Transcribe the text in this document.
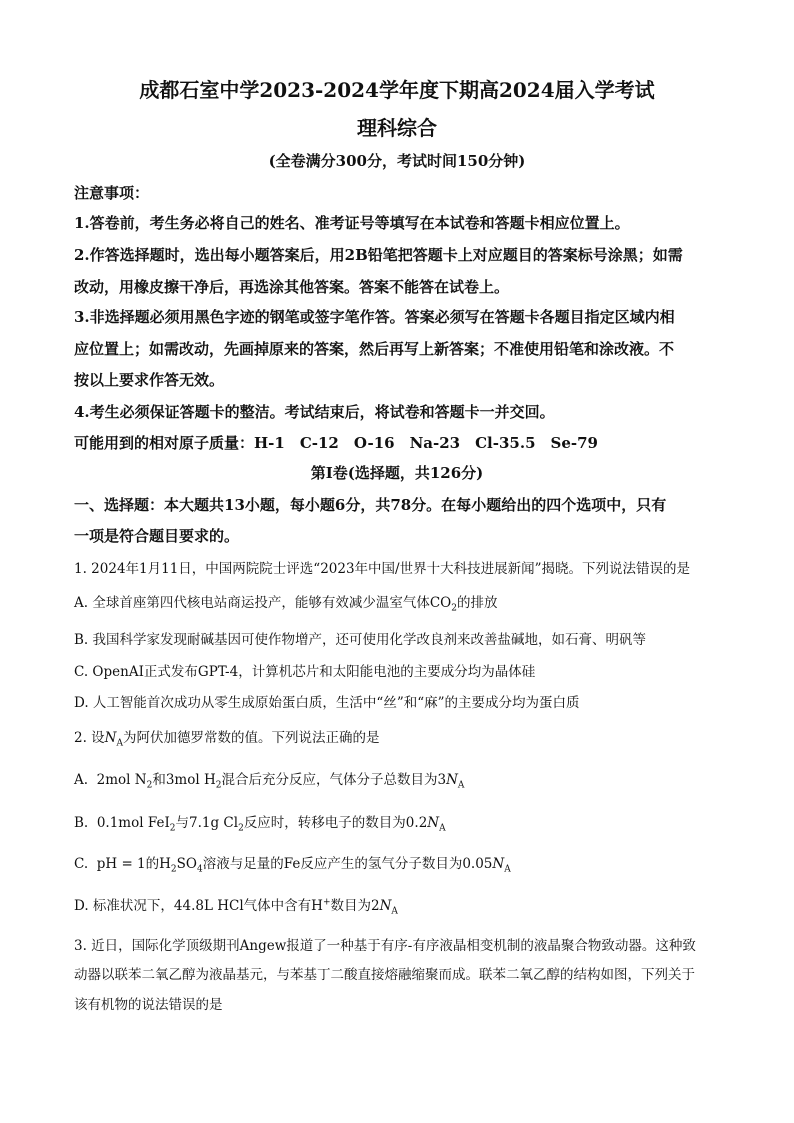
成都石室中学2023-2024学年度下期高2024届入学考试
理科综合
(全卷满分300分，考试时间150分钟)
注意事项：
1.答卷前，考生务必将自己的姓名、准考证号等填写在本试卷和答题卡相应位置上。
2.作答选择题时，选出每小题答案后，用2B铅笔把答题卡上对应题目的答案标号涂黑；如需
改动，用橡皮擦干净后，再选涂其他答案。答案不能答在试卷上。
3.非选择题必须用黑色字迹的钢笔或签字笔作答。答案必须写在答题卡各题目指定区域内相
应位置上；如需改动，先画掉原来的答案，然后再写上新答案；不准使用铅笔和涂改液。不
按以上要求作答无效。
4.考生必须保证答题卡的整洁。考试结束后，将试卷和答题卡一并交回。
可能用到的相对原子质量：H-1　C-12　O-16　Na-23　Cl-35.5　Se-79
第I卷(选择题，共126分)
一、选择题：本大题共13小题，每小题6分，共78分。在每小题给出的四个选项中，只有
一项是符合题目要求的。
1. 2024年1月11日，中国两院院士评选“2023年中国/世界十大科技进展新闻”揭晓。下列说法错误的是
A. 全球首座第四代核电站商运投产，能够有效减少温室气体$CO_2$的排放
B. 我国科学家发现耐碱基因可使作物增产，还可使用化学改良剂来改善盐碱地，如石膏、明矾等
C. OpenAI正式发布GPT-4，计算机芯片和太阳能电池的主要成分均为晶体硅
D. 人工智能首次成功从零生成原始蛋白质，生活中“丝”和“麻”的主要成分均为蛋白质
2. 设$N_A$为阿伏加德罗常数的值。下列说法正确的是
A. 2mol $N_2$和3mol $H_2$混合后充分反应，气体分子总数目为$3N_A$
B. 0.1mol FeI$_2$与7.1g $Cl_2$反应时，转移电子的数目为$0.2N_A$
C. pH = 1的$H_2SO_4$溶液与足量的Fe反应产生的氢气分子数目为$0.05N_A$
D. 标准状况下，44.8L HCl气体中含有H+数目为$2N_A$
3. 近日，国际化学顶级期刊Angew报道了一种基于有序-有序液晶相变机制的液晶聚合物致动器。这种致
动器以联苯二氧乙醇为液晶基元，与苯基丁二酸直接熔融缩聚而成。联苯二氧乙醇的结构如图，下列关于
该有机物的说法错误的是
